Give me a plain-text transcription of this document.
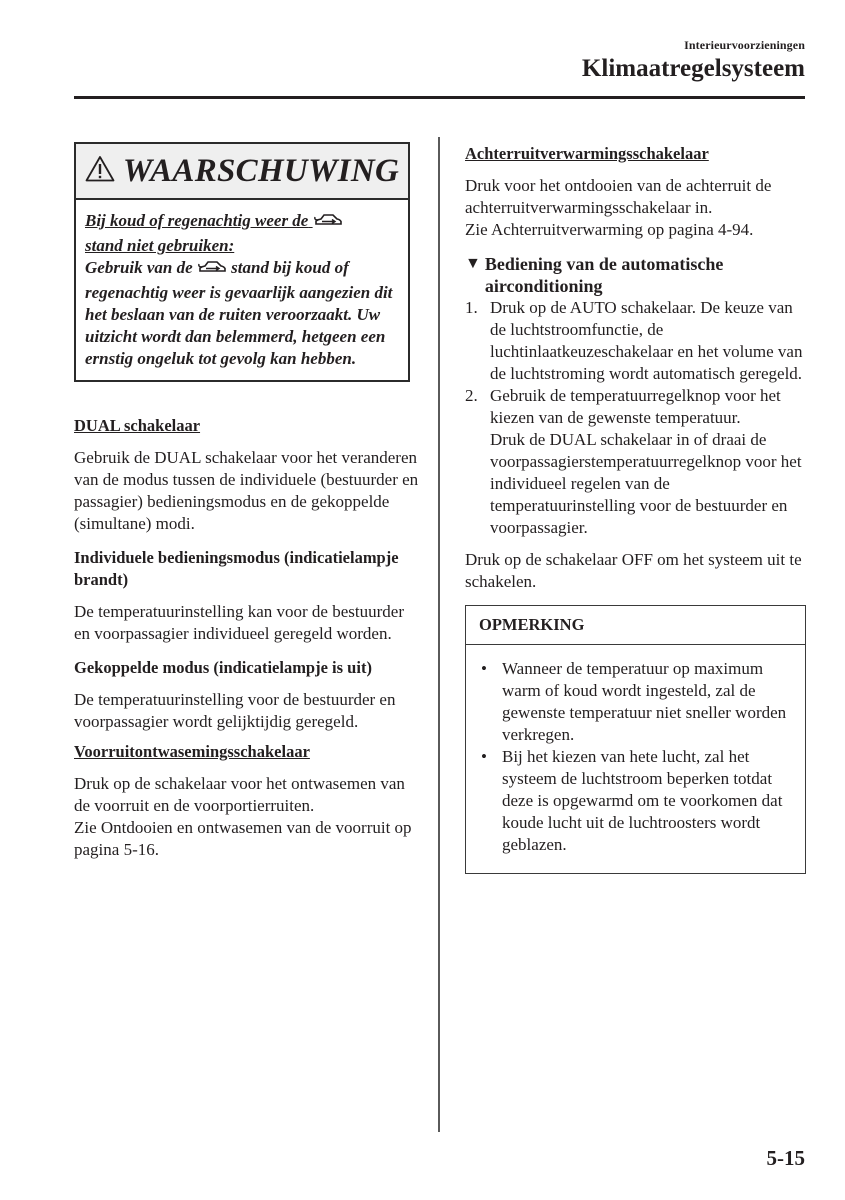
Interieurvoorzieningen
Klimaatregelsysteem
WAARSCHUWING
Bij koud of regenachtig weer de
stand niet gebruiken:
Gebruik van de stand bij koud of regenachtig weer is gevaarlijk aangezien dit het beslaan van de ruiten veroorzaakt. Uw uitzicht wordt dan belemmerd, hetgeen een ernstig ongeluk tot gevolg kan hebben.
DUAL schakelaar
Gebruik de DUAL schakelaar voor het veranderen van de modus tussen de individuele (bestuurder en passagier) bedieningsmodus en de gekoppelde (simultane) modi.
Individuele bedieningsmodus (indicatielampje brandt)
De temperatuurinstelling kan voor de bestuurder en voorpassagier individueel geregeld worden.
Gekoppelde modus (indicatielampje is uit)
De temperatuurinstelling voor de bestuurder en voorpassagier wordt gelijktijdig geregeld.
Voorruitontwasemingsschakelaar
Druk op de schakelaar voor het ontwasemen van de voorruit en de voorportierruiten.
Zie Ontdooien en ontwasemen van de voorruit op pagina 5-16.
Achterruitverwarmingsschakelaar
Druk voor het ontdooien van de achterruit de achterruitverwarmingsschakelaar in.
Zie Achterruitverwarming op pagina 4-94.
▼ Bediening van de automatische airconditioning
1. Druk op de AUTO schakelaar. De keuze van de luchtstroomfunctie, de luchtinlaatkeuzeschakelaar en het volume van de luchtstroming wordt automatisch geregeld.
2. Gebruik de temperatuurregelknop voor het kiezen van de gewenste temperatuur.
Druk de DUAL schakelaar in of draai de voorpassagierstemperatuurregelknop voor het individueel regelen van de temperatuurinstelling voor de bestuurder en voorpassagier.
Druk op de schakelaar OFF om het systeem uit te schakelen.
OPMERKING
• Wanneer de temperatuur op maximum warm of koud wordt ingesteld, zal de gewenste temperatuur niet sneller worden verkregen.
• Bij het kiezen van hete lucht, zal het systeem de luchtstroom beperken totdat deze is opgewarmd om te voorkomen dat koude lucht uit de luchtroosters wordt geblazen.
5-15
